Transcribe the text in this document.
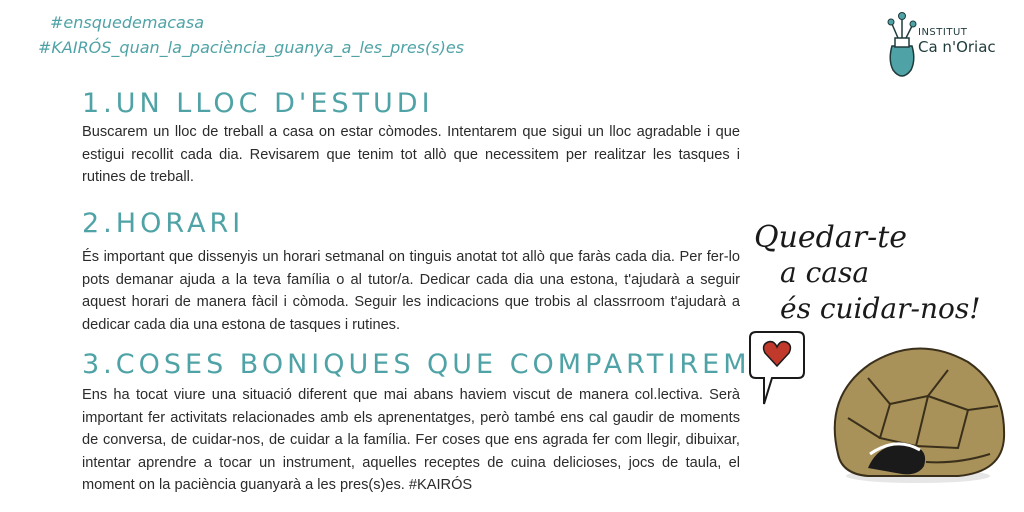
#ensquedemacasa
#KAIRÓS_quan_la_paciència_guanya_a_les_pres(s)es
INSTITUT
Ca n'Oriac
1.UN LLOC D'ESTUDI
Buscarem un lloc de treball a casa on estar còmodes. Intentarem que sigui un lloc agradable i que estigui recollit cada dia. Revisarem que tenim tot allò que necessitem per realitzar les tasques i rutines de treball.
2.HORARI
És important que dissenyis un horari setmanal on tinguis anotat tot allò que faràs cada dia. Per fer-lo pots demanar ajuda a la teva família o al tutor/a. Dedicar cada dia una estona, t'ajudarà a seguir aquest horari de manera fàcil i còmoda. Seguir les indicacions que trobis al classrroom t'ajudarà a dedicar cada dia una estona de tasques i rutines.
3.COSES BONIQUES QUE COMPARTIREM
Ens ha tocat viure una situació diferent que mai abans haviem viscut de manera col.lectiva. Serà important fer activitats relacionades amb els aprenentatges, però també ens cal gaudir de moments de conversa, de cuidar-nos, de cuidar a la família. Fer coses que ens agrada fer com llegir, dibuixar, intentar aprendre a tocar un instrument, aquelles receptes de cuina delicioses, jocs de taula, el moment on la paciència guanyarà a les pres(s)es. #KAIRÓS
Quedar-te
a casa
és cuidar-nos!
